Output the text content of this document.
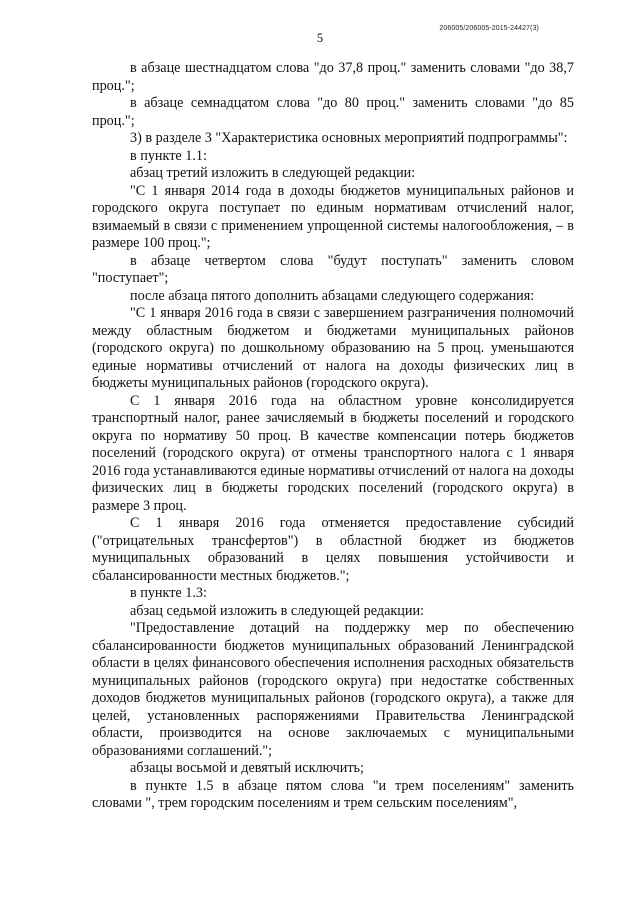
5
206005/206005-2015-24427(3)

в абзаце шестнадцатом слова "до 37,8 проц." заменить словами "до 38,7 проц.";

в абзаце семнадцатом слова "до 80 проц." заменить словами "до 85 проц.";

3) в разделе 3 "Характеристика основных мероприятий подпрограммы":

в пункте 1.1:

абзац третий изложить в следующей редакции:

"С 1 января 2014 года в доходы бюджетов муниципальных районов и городского округа поступает по единым нормативам отчислений налог, взимаемый в связи с применением упрощенной системы налогообложения, – в размере 100 проц.";

в абзаце четвертом слова "будут поступать" заменить словом "поступает";

после абзаца пятого дополнить абзацами следующего содержания:

"С 1 января 2016 года в связи с завершением разграничения полномочий между областным бюджетом и бюджетами муниципальных районов (городского округа) по дошкольному образованию на 5 проц. уменьшаются единые нормативы отчислений от налога на доходы физических лиц в бюджеты муниципальных районов (городского округа).

С 1 января 2016 года на областном уровне консолидируется транспортный налог, ранее зачисляемый в бюджеты поселений и городского округа по нормативу 50 проц. В качестве компенсации потерь бюджетов поселений (городского округа) от отмены транспортного налога с 1 января 2016 года устанавливаются единые нормативы отчислений от налога на доходы физических лиц в бюджеты городских поселений (городского округа) в размере 3 проц.

С 1 января 2016 года отменяется предоставление субсидий ("отрицательных трансфертов") в областной бюджет из бюджетов муниципальных образований в целях повышения устойчивости и сбалансированности местных бюджетов.";

в пункте 1.3:

абзац седьмой изложить в следующей редакции:

"Предоставление дотаций на поддержку мер по обеспечению сбалансированности бюджетов муниципальных образований Ленинградской области в целях финансового обеспечения исполнения расходных обязательств муниципальных районов (городского округа) при недостатке собственных доходов бюджетов муниципальных районов (городского округа), а также для целей, установленных распоряжениями Правительства Ленинградской области, производится на основе заключаемых с муниципальными образованиями соглашений.";

абзацы восьмой и девятый исключить;

в пункте 1.5 в абзаце пятом слова "и трем поселениям" заменить словами ", трем городским поселениям и трем сельским поселениям",
